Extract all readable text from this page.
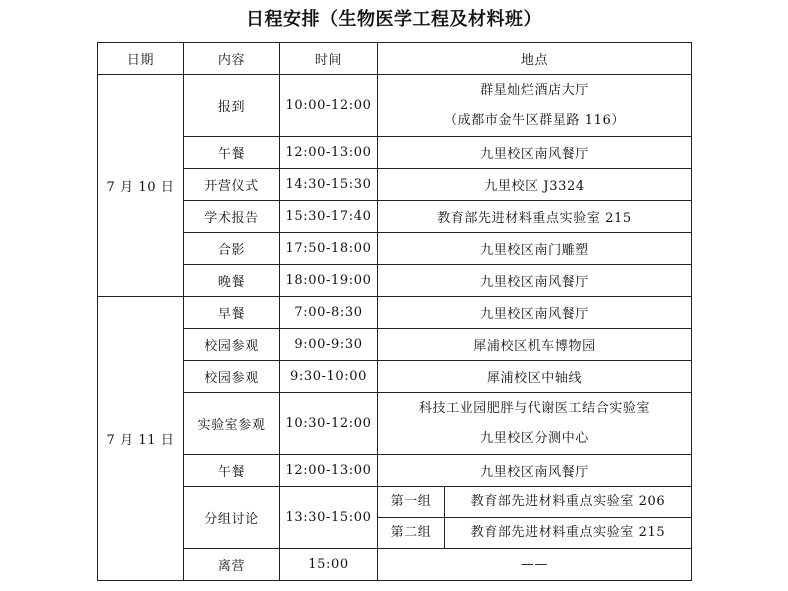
日程安排（生物医学工程及材料班）
日期	内容	时间	地点
7 月 10 日	报到	10:00-12:00	群星灿烂酒店大厅
（成都市金牛区群星路 116）

	午餐	12:00-13:00	九里校区南风餐厅
	开营仪式	14:30-15:30	九里校区 J3324
	学术报告	15:30-17:40	教育部先进材料重点实验室 215
	合影	17:50-18:00	九里校区南门雕塑
	晚餐	18:00-19:00	九里校区南风餐厅
7 月 11 日	早餐	7:00-8:30	九里校区南风餐厅
	校园参观	9:00-9:30	犀浦校区机车博物园
	校园参观	9:30-10:00	犀浦校区中轴线
	实验室参观	10:30-12:00	科技工业园肥胖与代谢医工结合实验室
九里校区分测中心

	午餐	12:00-13:00	九里校区南风餐厅
	分组讨论	13:30-15:00	第一组 教育部先进材料重点实验室 206
第二组 教育部先进材料重点实验室 215

	离营	15:00	——
